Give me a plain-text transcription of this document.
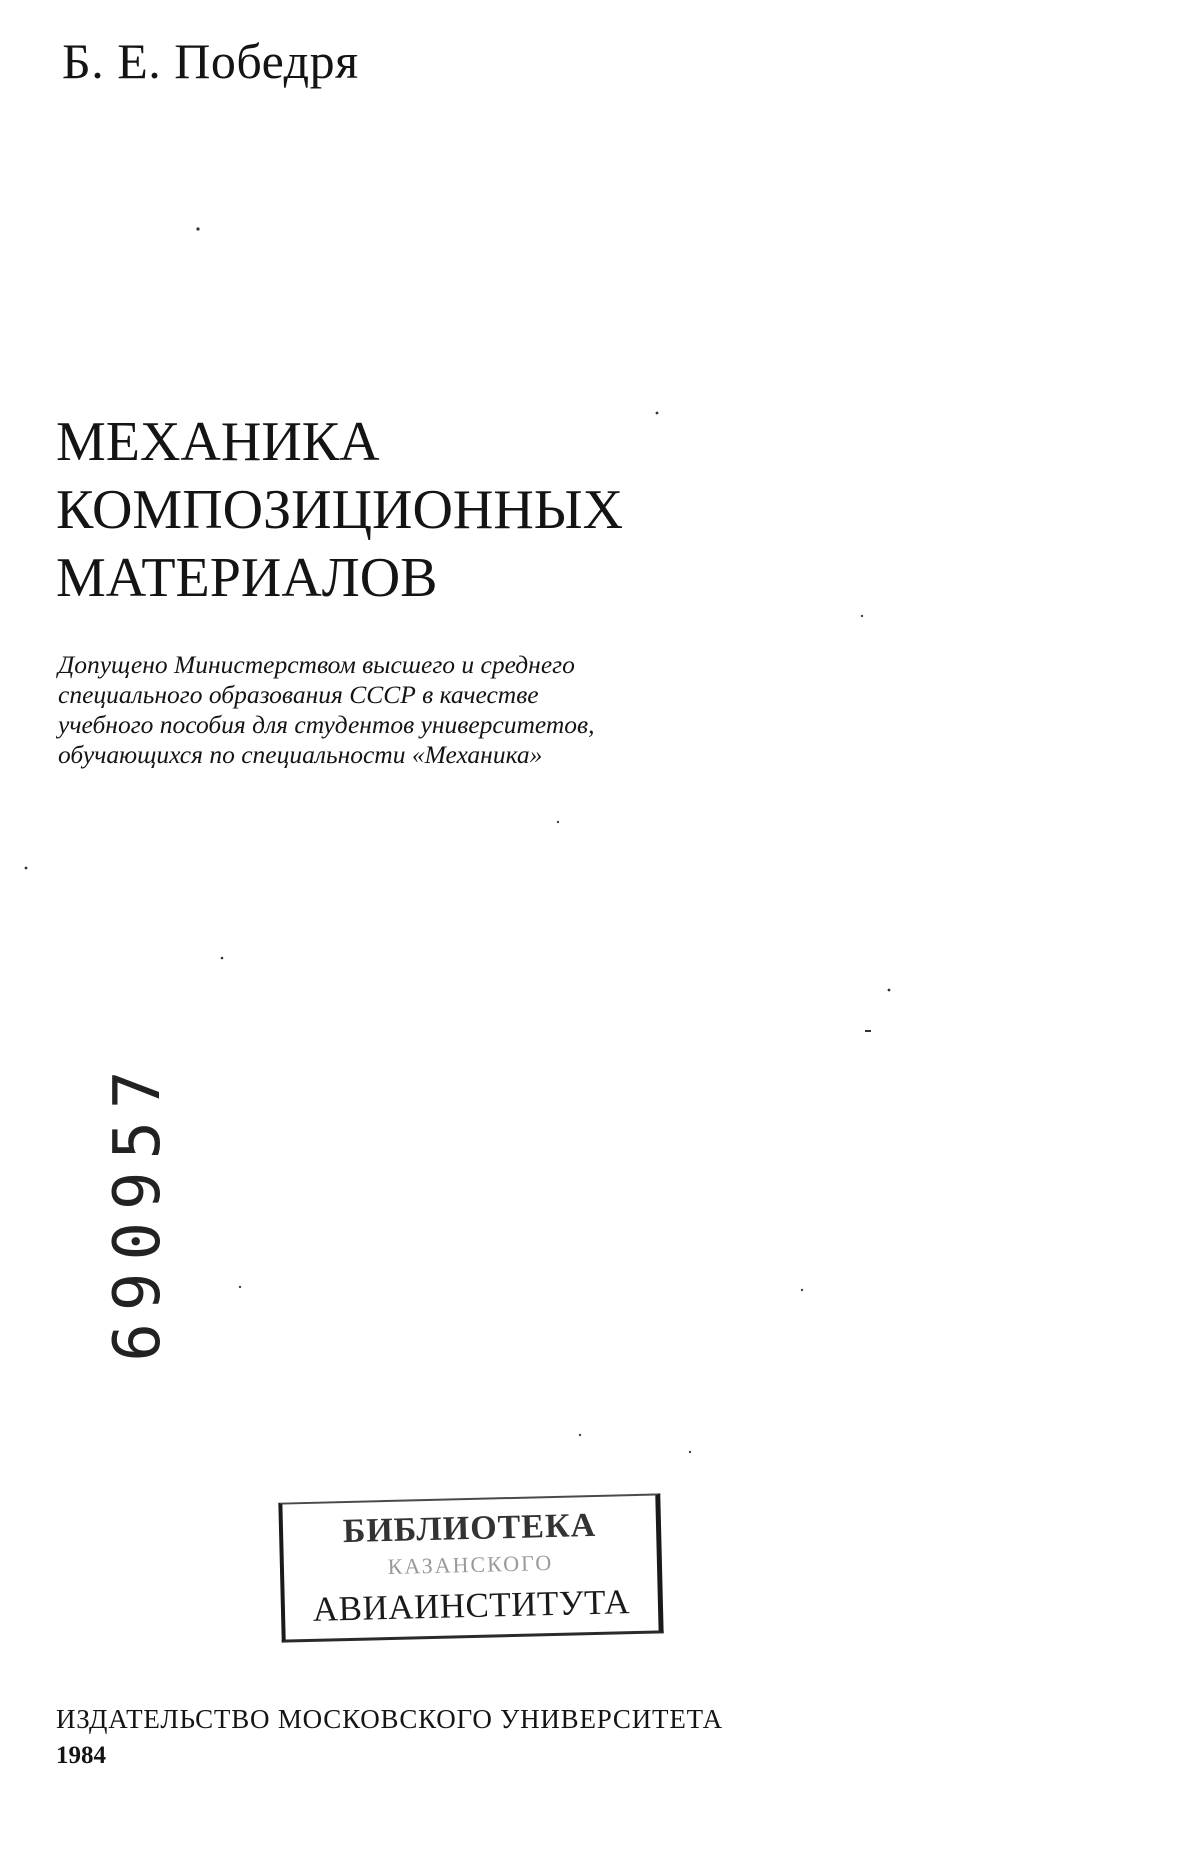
Б. Е. Победря
МЕХАНИКА
КОМПОЗИЦИОННЫХ
МАТЕРИАЛОВ

Допущено Министерством высшего и среднего
специального образования СССР в качестве
учебного пособия для студентов университетов,
обучающихся по специальности «Механика»

690957
БИБЛИОТЕКА
КАЗАНСКОГО
АВИАИНСТИТУТА
ИЗДАТЕЛЬСТВО МОСКОВСКОГО УНИВЕРСИТЕТА
1984
